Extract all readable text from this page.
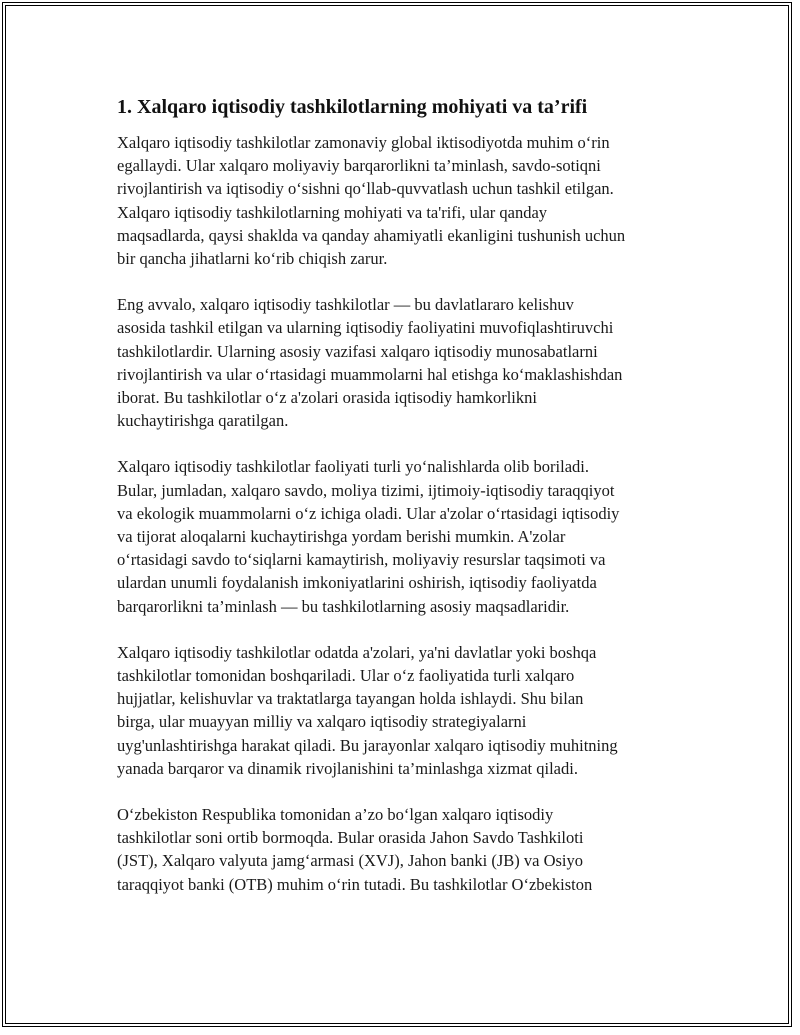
1. Xalqaro iqtisodiy tashkilotlarning mohiyati va ta’rifi
Xalqaro iqtisodiy tashkilotlar zamonaviy global iktisodiyotda muhim o‘rin
egallaydi. Ular xalqaro moliyaviy barqarorlikni ta’minlash, savdo-sotiqni
rivojlantirish va iqtisodiy o‘sishni qo‘llab-quvvatlash uchun tashkil etilgan.
Xalqaro iqtisodiy tashkilotlarning mohiyati va ta'rifi, ular qanday
maqsadlarda, qaysi shaklda va qanday ahamiyatli ekanligini tushunish uchun
bir qancha jihatlarni ko‘rib chiqish zarur.
Eng avvalo, xalqaro iqtisodiy tashkilotlar — bu davlatlararo kelishuv
asosida tashkil etilgan va ularning iqtisodiy faoliyatini muvofiqlashtiruvchi
tashkilotlardir. Ularning asosiy vazifasi xalqaro iqtisodiy munosabatlarni
rivojlantirish va ular o‘rtasidagi muammolarni hal etishga ko‘maklashishdan
iborat. Bu tashkilotlar o‘z a'zolari orasida iqtisodiy hamkorlikni
kuchaytirishga qaratilgan.
Xalqaro iqtisodiy tashkilotlar faoliyati turli yo‘nalishlarda olib boriladi.
Bular, jumladan, xalqaro savdo, moliya tizimi, ijtimoiy-iqtisodiy taraqqiyot
va ekologik muammolarni o‘z ichiga oladi. Ular a'zolar o‘rtasidagi iqtisodiy
va tijorat aloqalarni kuchaytirishga yordam berishi mumkin. A'zolar
o‘rtasidagi savdo to‘siqlarni kamaytirish, moliyaviy resurslar taqsimoti va
ulardan unumli foydalanish imkoniyatlarini oshirish, iqtisodiy faoliyatda
barqarorlikni ta’minlash — bu tashkilotlarning asosiy maqsadlaridir.
Xalqaro iqtisodiy tashkilotlar odatda a'zolari, ya'ni davlatlar yoki boshqa
tashkilotlar tomonidan boshqariladi. Ular o‘z faoliyatida turli xalqaro
hujjatlar, kelishuvlar va traktatlarga tayangan holda ishlaydi. Shu bilan
birga, ular muayyan milliy va xalqaro iqtisodiy strategiyalarni
uyg'unlashtirishga harakat qiladi. Bu jarayonlar xalqaro iqtisodiy muhitning
yanada barqaror va dinamik rivojlanishini ta’minlashga xizmat qiladi.
O‘zbekiston Respublika tomonidan a’zo bo‘lgan xalqaro iqtisodiy
tashkilotlar soni ortib bormoqda. Bular orasida Jahon Savdo Tashkiloti
(JST), Xalqaro valyuta jamg‘armasi (XVJ), Jahon banki (JB) va Osiyo
taraqqiyot banki (OTB) muhim o‘rin tutadi. Bu tashkilotlar O‘zbekiston
